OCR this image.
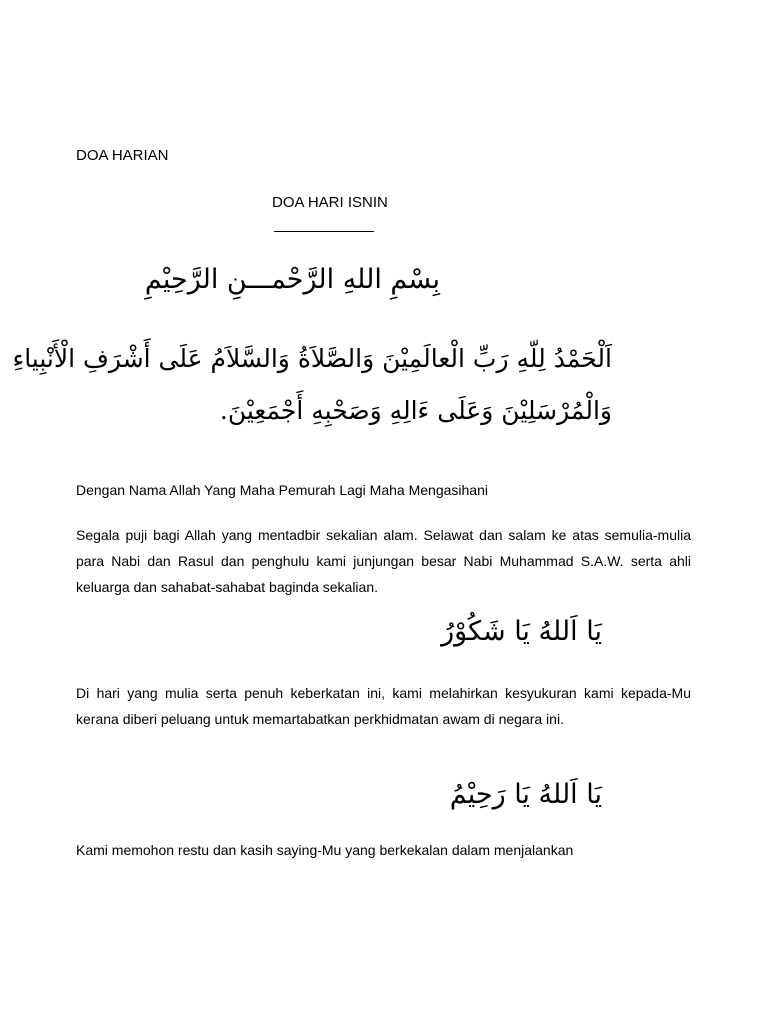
DOA HARIAN
DOA HARI ISNIN
بِسْمِ اللهِ الرَّحْمـــنِ الرَّحِيْمِ
اَلْحَمْدُ لِلّهِ رَبِّ الْعالَمِيْنَ وَالصَّلاَةُ وَالسَّلاَمُ عَلَى أَشْرَفِ الْأَنْبِياءِ
وَالْمُرْسَلِيْنَ وَعَلَى ءَالِهِ وَصَحْبِهِ أَجْمَعِيْنَ.
Dengan Nama Allah Yang Maha Pemurah Lagi Maha Mengasihani
Segala puji bagi Allah yang mentadbir sekalian alam. Selawat dan salam ke atas semulia-mulia para Nabi dan Rasul dan penghulu kami junjungan besar Nabi Muhammad S.A.W. serta ahli keluarga dan sahabat-sahabat baginda sekalian.
يَا اَللهُ يَا شَكُوْرُ
Di hari yang mulia serta penuh keberkatan ini, kami melahirkan kesyukuran kami kepada-Mu kerana diberi peluang untuk memartabatkan perkhidmatan awam di negara ini.
يَا اَللهُ يَا رَحِيْمُ
Kami memohon restu dan kasih saying-Mu yang berkekalan dalam menjalankan
